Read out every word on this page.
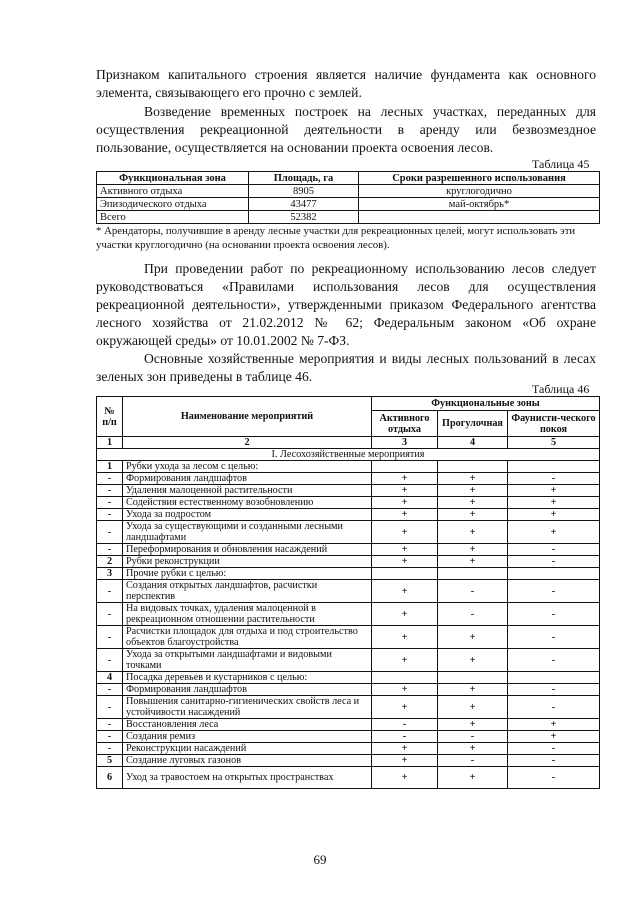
Признаком капитального строения является наличие фундамента как основного элемента, связывающего его прочно с землей.
Возведение временных построек на лесных участках, переданных для осуществления рекреационной деятельности в аренду или безвозмездное пользование, осуществляется на основании проекта освоения лесов.
Таблица 45
Функциональная зона	Площадь, га	Сроки разрешенного использования
Активного отдыха	8905	круглогодично
Эпизодического отдыха	43477	май-октябрь*
Всего	52382	
* Арендаторы, получившие в аренду лесные участки для рекреационных целей, могут использовать эти участки круглогодично (на основании проекта освоения лесов).
При проведении работ по рекреационному использованию лесов следует руководствоваться «Правилами использования лесов для осуществления рекреационной деятельности», утвержденными приказом Федерального агентства лесного хозяйства от 21.02.2012 № 62; Федеральным законом «Об охране окружающей среды» от 10.01.2002 № 7-ФЗ.
Основные хозяйственные мероприятия и виды лесных пользований в лесах зеленых зон приведены в таблице 46.
Таблица 46
№ п/п	Наименование мероприятий	Функциональные зоны		
		Активного отдыха	Прогулочная	Фаунисти-ческого покоя
1	2	3	4	5
I. Лесохозяйственные мероприятия				
1	Рубки ухода за лесом с целью:			
-	Формирования ландшафтов	+	+	-
-	Удаления малоценной растительности	+	+	+
-	Содействия естественному возобновлению	+	+	+
-	Ухода за подростом	+	+	+
-	Ухода за существующими и созданными лесными ландшафтами	+	+	+
-	Переформирования и обновления насаждений	+	+	-
2	Рубки реконструкции	+	+	-
3	Прочие рубки с целью:			
-	Создания открытых ландшафтов, расчистки перспектив	+	-	-
-	На видовых точках, удаления малоценной в рекреационном отношении растительности	+	-	-
-	Расчистки площадок для отдыха и под строительство объектов благоустройства	+	+	-
-	Ухода за открытыми ландшафтами и видовыми точками	+	+	-
4	Посадка деревьев и кустарников с целью:			
-	Формирования ландшафтов	+	+	-
-	Повышения санитарно-гигиенических свойств леса и устойчивости насаждений	+	+	-
-	Восстановления леса	-	+	+
-	Создания ремиз	-	-	+
-	Реконструкции насаждений	+	+	-
5	Создание луговых газонов	+	-	-
6	Уход за травостоем на открытых пространствах	+	+	-
69
